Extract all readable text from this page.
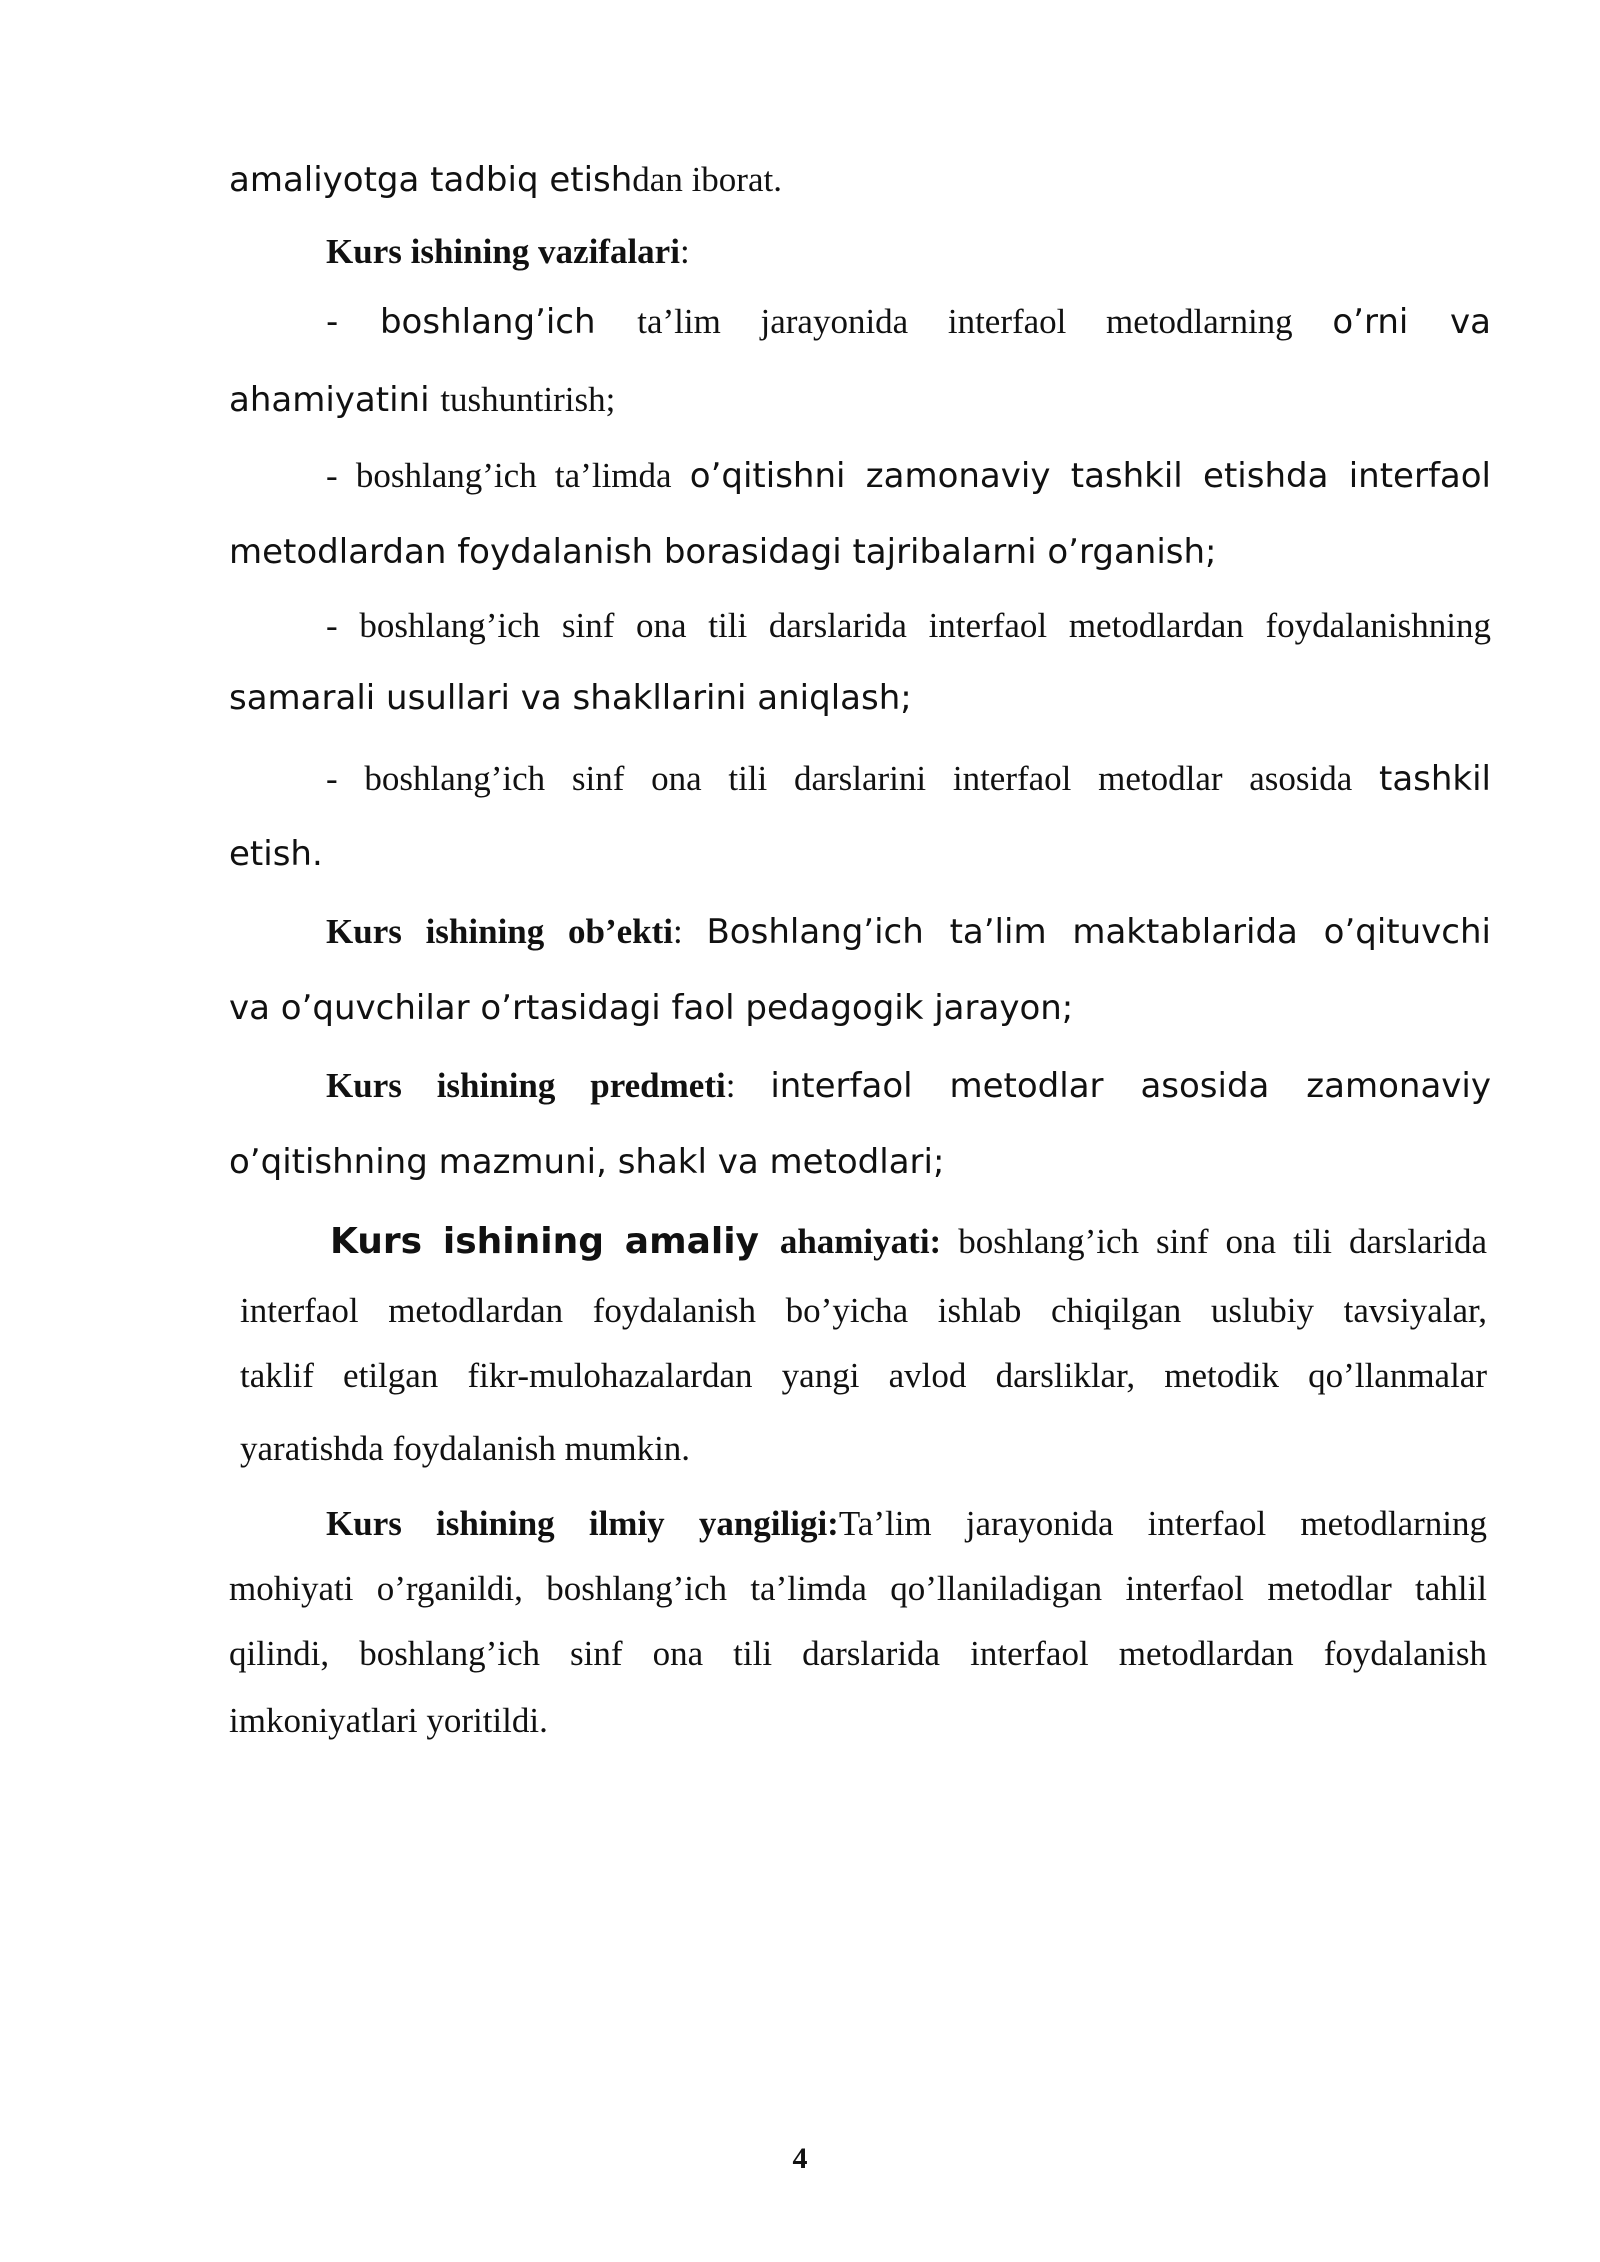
amaliyotga tadbiq etishdan iborat.
Kurs ishining vazifalari:
- boshlang’ich ta’lim jarayonida interfaol metodlarning o’rni va
ahamiyatini tushuntirish;
- boshlang’ich ta’limda o’qitishni zamonaviy tashkil etishda interfaol
metodlardan foydalanish borasidagi tajribalarni o’rganish;
- boshlang’ich sinf ona tili darslarida interfaol metodlardan foydalanishning
samarali usullari va shakllarini aniqlash;
- boshlang’ich sinf ona tili darslarini interfaol metodlar asosida tashkil
etish.
Kurs ishining ob’ekti: Boshlang’ich ta’lim maktablarida o’qituvchi
va o’quvchilar o’rtasidagi faol pedagogik jarayon;
Kurs ishining predmeti: interfaol metodlar asosida zamonaviy
o’qitishning mazmuni, shakl va metodlari;
Kurs ishining amaliy ahamiyati: boshlang’ich sinf ona tili darslarida
interfaol metodlardan foydalanish bo’yicha ishlab chiqilgan uslubiy tavsiyalar,
taklif etilgan fikr-mulohazalardan yangi avlod darsliklar, metodik qo’llanmalar
yaratishda foydalanish mumkin.
Kurs ishining ilmiy yangiligi:Ta’lim jarayonida interfaol metodlarning
mohiyati o’rganildi, boshlang’ich ta’limda qo’llaniladigan interfaol metodlar tahlil
qilindi, boshlang’ich sinf ona tili darslarida interfaol metodlardan foydalanish
imkoniyatlari yoritildi.
4
